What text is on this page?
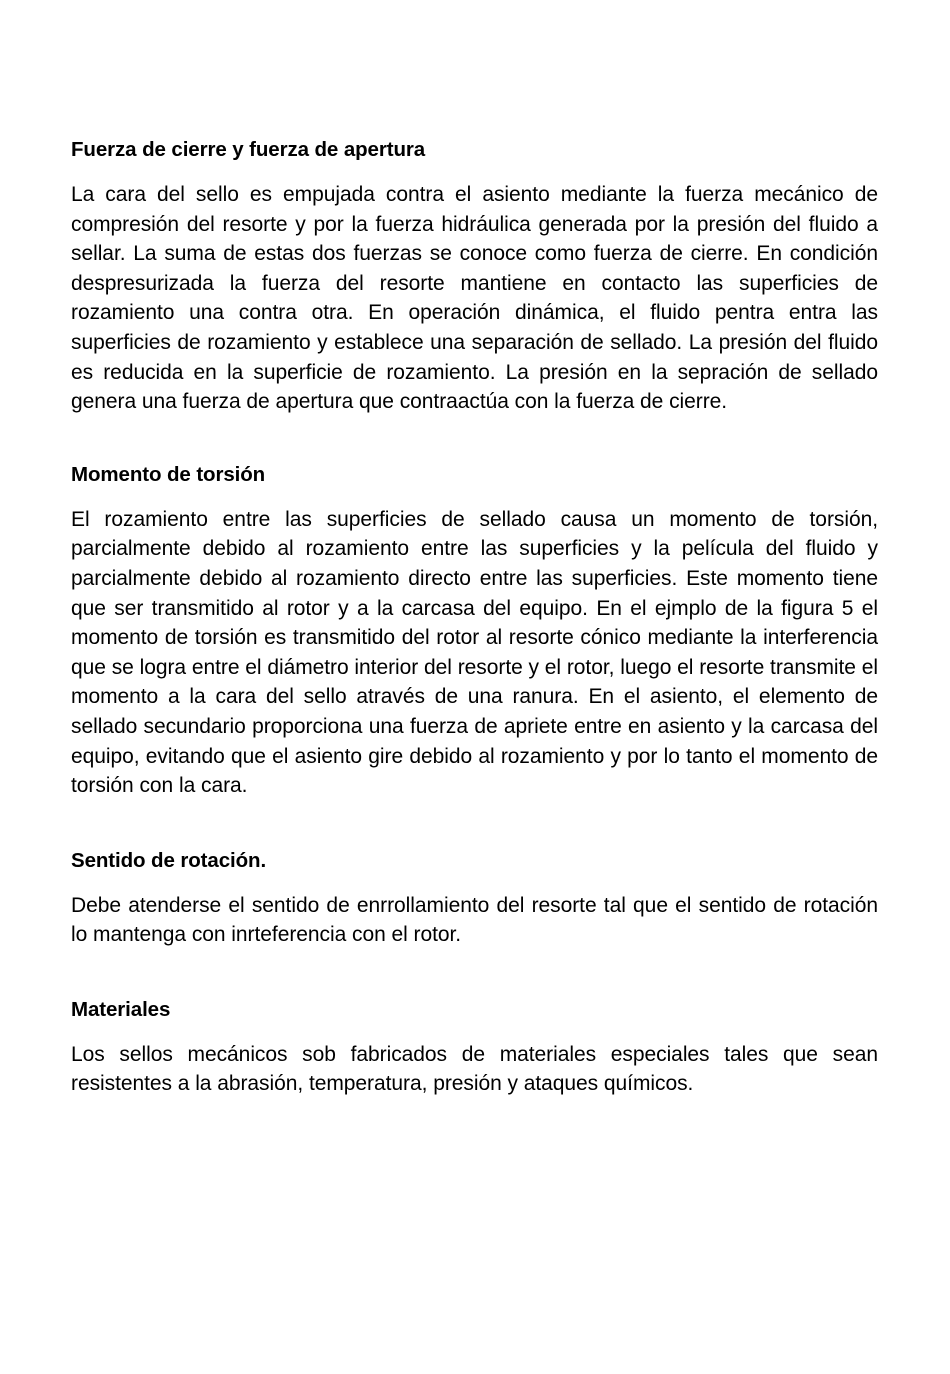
Fuerza de cierre y fuerza de apertura

La cara del sello es empujada contra el asiento mediante la fuerza mecánico de compresión del resorte y por la fuerza hidráulica generada por la presión del fluido a sellar. La suma de estas dos fuerzas se conoce como fuerza de cierre. En condición despresurizada la fuerza del resorte mantiene en contacto las superficies de rozamiento una contra otra. En operación dinámica, el fluido pentra entra las superficies de rozamiento y establece una separación de sellado. La presión del fluido es reducida en la superficie de rozamiento. La presión en la sepración de sellado genera una fuerza de apertura que contraactúa con la fuerza de cierre.

Momento de torsión

El rozamiento entre las superficies de sellado causa un momento de torsión, parcialmente debido al rozamiento entre las superficies y la película del fluido y parcialmente debido al rozamiento directo entre las superficies. Este momento tiene que ser transmitido al rotor y a la carcasa del equipo. En el ejmplo de la figura 5 el momento de torsión es transmitido del rotor al resorte cónico mediante la interferencia que se logra entre el diámetro interior del resorte y el rotor, luego el resorte transmite el momento a la cara del sello através de una ranura. En el asiento, el elemento de sellado secundario proporciona una fuerza de apriete entre en asiento y la carcasa del equipo, evitando que el asiento gire debido al rozamiento y por lo tanto el momento de torsión con la cara.

Sentido de rotación.

Debe atenderse el sentido de enrrollamiento del resorte tal que el sentido de rotación lo mantenga con inrteferencia con el rotor.

Materiales

Los sellos mecánicos sob fabricados de materiales especiales tales que sean resistentes a la abrasión, temperatura, presión y ataques químicos.
